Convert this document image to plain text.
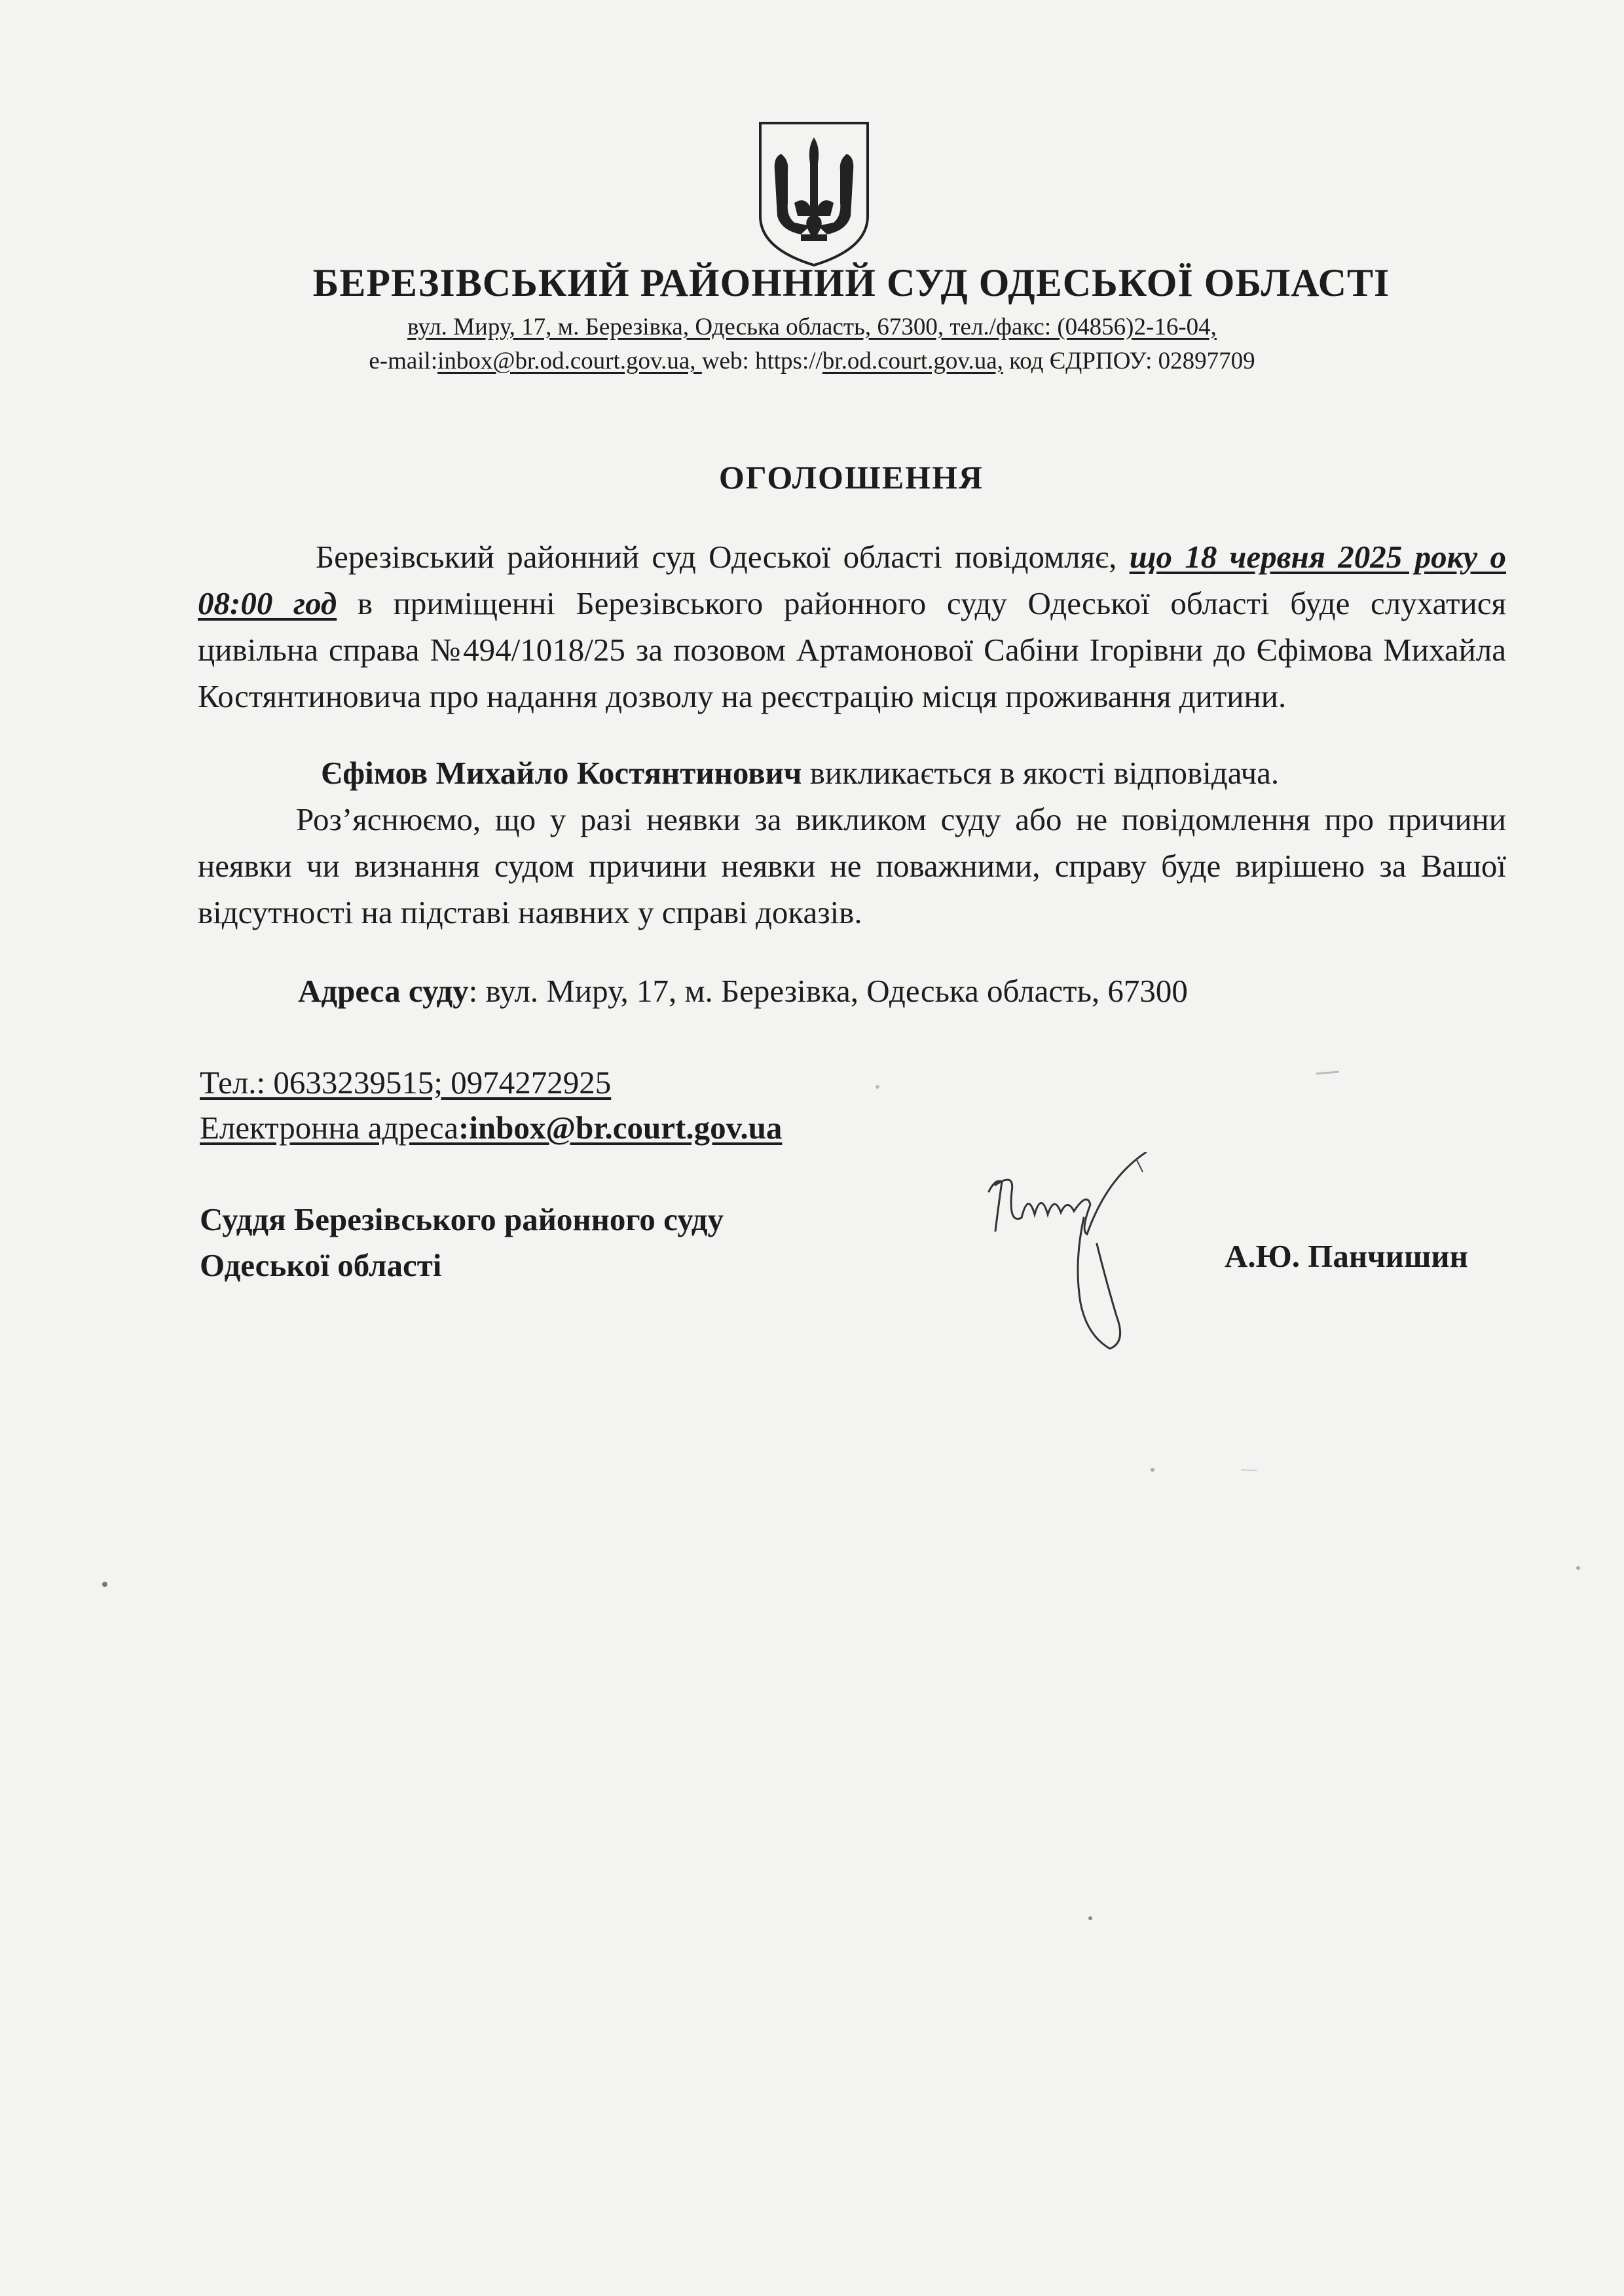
БЕРЕЗІВСЬКИЙ РАЙОННИЙ СУД ОДЕСЬКОЇ ОБЛАСТІ
вул. Миру, 17, м. Березівка, Одеська область, 67300, тел./факс: (04856)2-16-04,
e-mail:inbox@br.od.court.gov.ua, web: https://br.od.court.gov.ua, код ЄДРПОУ: 02897709
ОГОЛОШЕННЯ
Березівський районний суд Одеської області повідомляє, що 18 червня 2025 року о 08:00 год в приміщенні Березівського районного суду Одеської області буде слухатися цивільна справа №494/1018/25 за позовом Артамонової Сабіни Ігорівни до Єфімова Михайла Костянтиновича про надання дозволу на реєстрацію місця проживання дитини.
Єфімов Михайло Костянтинович викликається в якості відповідача.
Роз’яснюємо, що у разі неявки за викликом суду або не повідомлення про причини неявки чи визнання судом причини неявки не поважними, справу буде вирішено за Вашої відсутності на підставі наявних у справі доказів.
Адреса суду: вул. Миру, 17, м. Березівка, Одеська область, 67300
Тел.: 0633239515; 0974272925
Електронна адреса:inbox@br.court.gov.ua
Суддя Березівського районного суду
Одеської області	А.Ю. Панчишин
